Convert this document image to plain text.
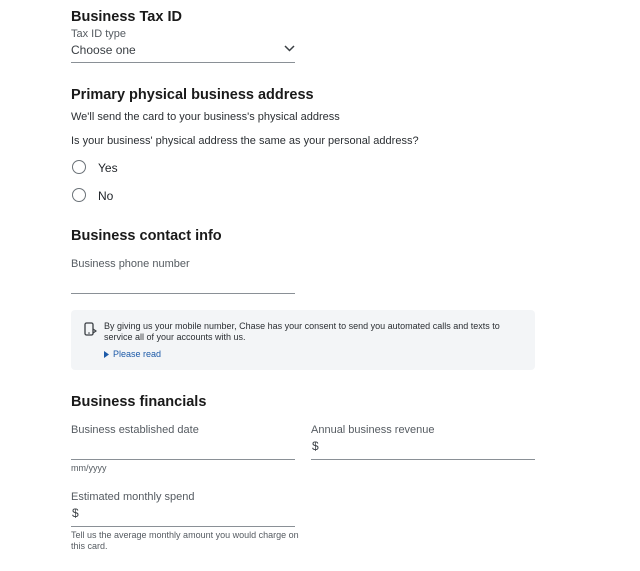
Business Tax ID
Tax ID type
Choose one
Primary physical business address
We'll send the card to your business's physical address
Is your business' physical address the same as your personal address?
Yes
No
Business contact info
Business phone number
By giving us your mobile number, Chase has your consent to send you automated calls and texts to service all of your accounts with us.
Please read
Business financials
Business established date
mm/yyyy
Annual business revenue
$
Estimated monthly spend
$
Tell us the average monthly amount you would charge on this card.
